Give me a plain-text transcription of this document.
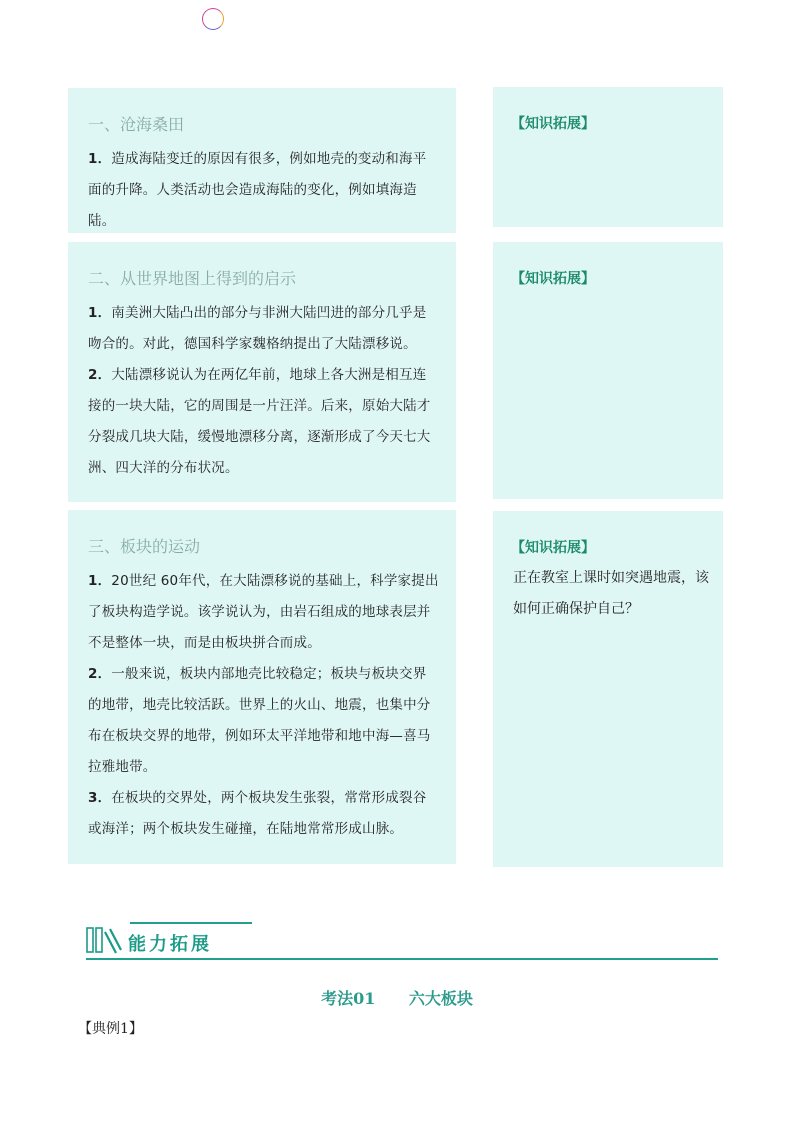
一、沧海桑田

1．造成海陆变迁的原因有很多，例如地壳的变动和海平面的升降。人类活动也会造成海陆的变化，例如填海造陆。

二、从世界地图上得到的启示

1．南美洲大陆凸出的部分与非洲大陆凹进的部分几乎是吻合的。对此，德国科学家魏格纳提出了大陆漂移说。

2．大陆漂移说认为在两亿年前，地球上各大洲是相互连接的一块大陆，它的周围是一片汪洋。后来，原始大陆才分裂成几块大陆，缓慢地漂移分离，逐渐形成了今天七大洲、四大洋的分布状况。

三、板块的运动

1．20世纪 60年代，在大陆漂移说的基础上，科学家提出了板块构造学说。该学说认为，由岩石组成的地球表层并不是整体一块，而是由板块拼合而成。

2．一般来说，板块内部地壳比较稳定；板块与板块交界的地带，地壳比较活跃。世界上的火山、地震，也集中分布在板块交界的地带，例如环太平洋地带和地中海—喜马拉雅地带。

3．在板块的交界处，两个板块发生张裂，常常形成裂谷或海洋；两个板块发生碰撞，在陆地常常形成山脉。

【知识拓展】

【知识拓展】

【知识拓展】

正在教室上课时如突遇地震，该如何正确保护自己？

能力拓展
考法01      六大板块
【典例1】
